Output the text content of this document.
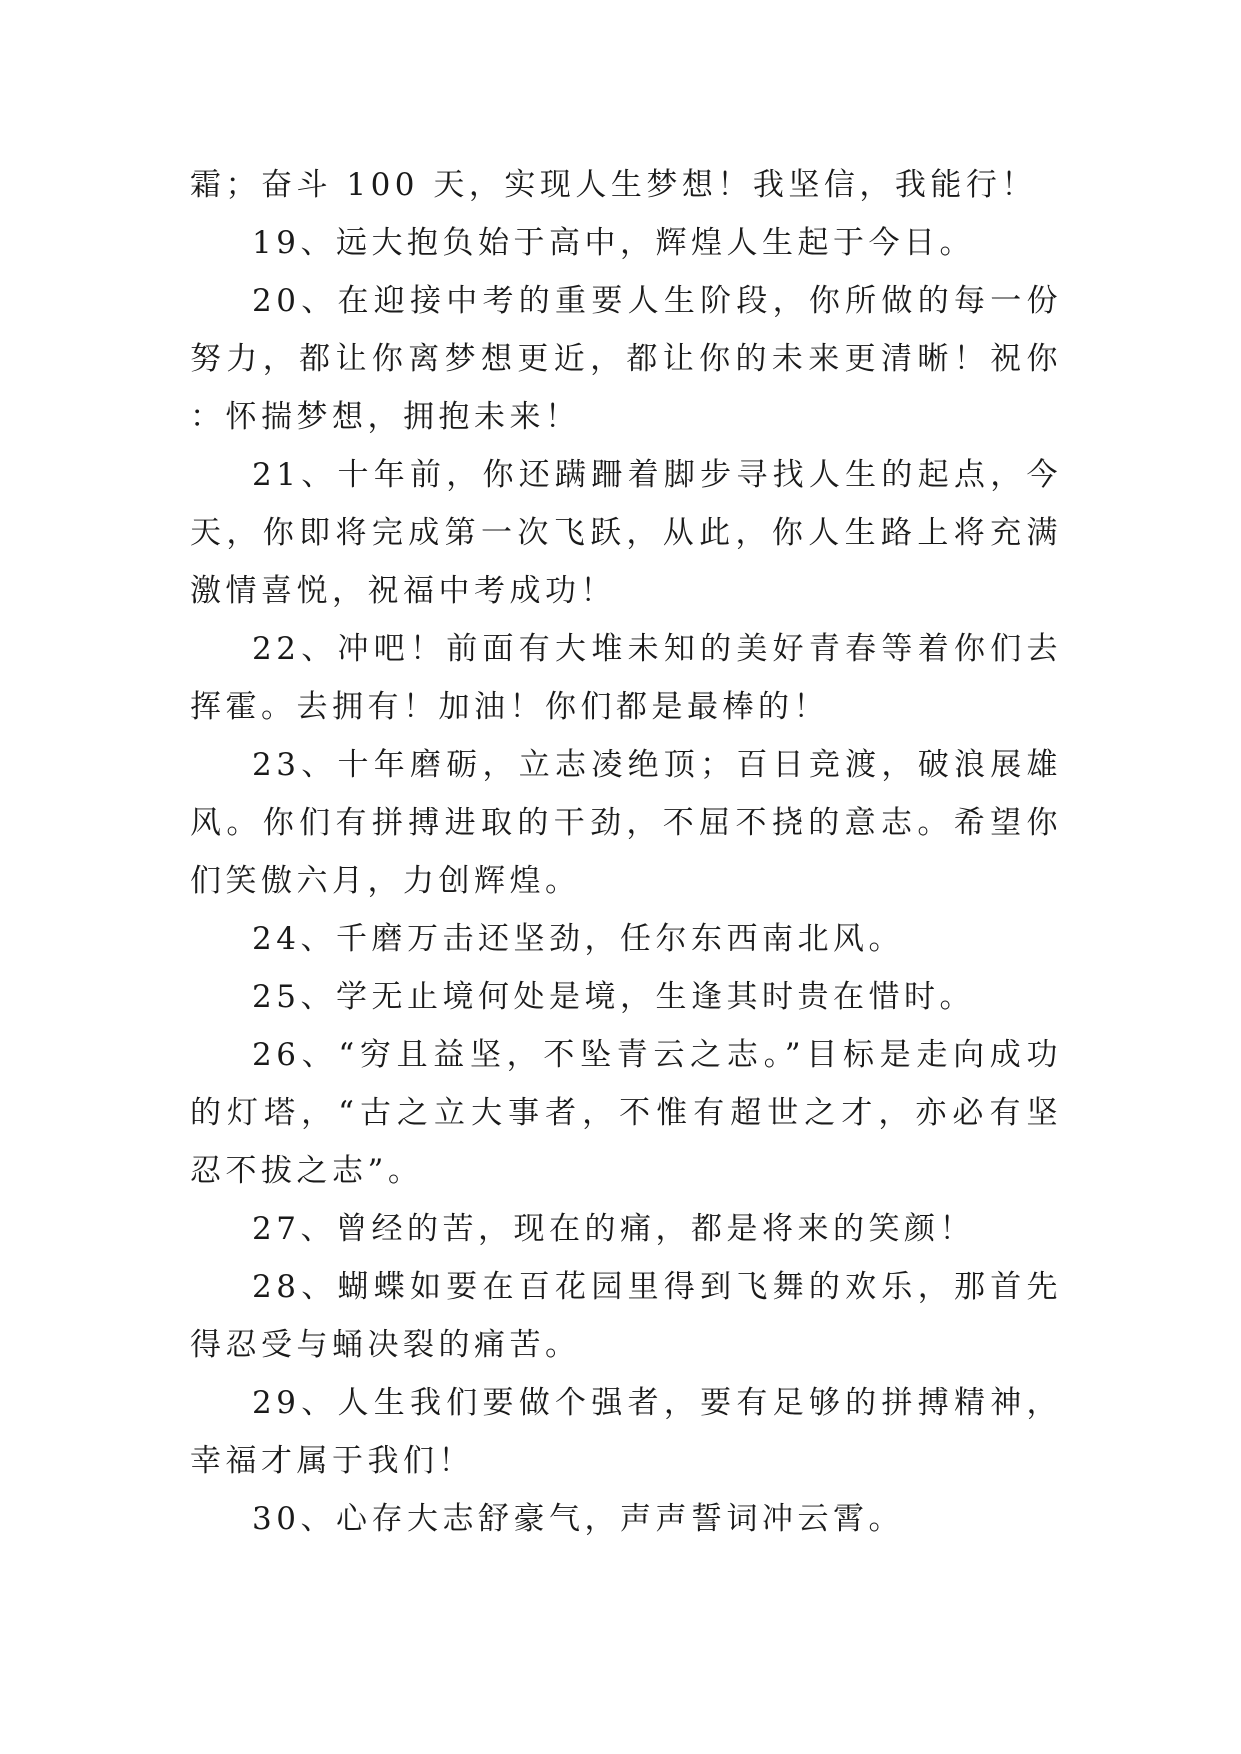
霜；奋斗 100 天，实现人生梦想！我坚信，我能行！

19、远大抱负始于高中，辉煌人生起于今日。

20、在迎接中考的重要人生阶段，你所做的每一份努力，都让你离梦想更近，都让你的未来更清晰！祝你：怀揣梦想，拥抱未来！

21、十年前，你还蹒跚着脚步寻找人生的起点，今天，你即将完成第一次飞跃，从此，你人生路上将充满激情喜悦，祝福中考成功！

22、冲吧！前面有大堆未知的美好青春等着你们去挥霍。去拥有！加油！你们都是最棒的！

23、十年磨砺，立志凌绝顶；百日竞渡，破浪展雄风。你们有拼搏进取的干劲，不屈不挠的意志。希望你们笑傲六月，力创辉煌。

24、千磨万击还坚劲，任尔东西南北风。

25、学无止境何处是境，生逢其时贵在惜时。

26、“穷且益坚，不坠青云之志。”目标是走向成功的灯塔，“古之立大事者，不惟有超世之才，亦必有坚忍不拔之志”。

27、曾经的苦，现在的痛，都是将来的笑颜！

28、蝴蝶如要在百花园里得到飞舞的欢乐，那首先得忍受与蛹决裂的痛苦。

29、人生我们要做个强者，要有足够的拼搏精神，幸福才属于我们！

30、心存大志舒豪气，声声誓词冲云霄。
